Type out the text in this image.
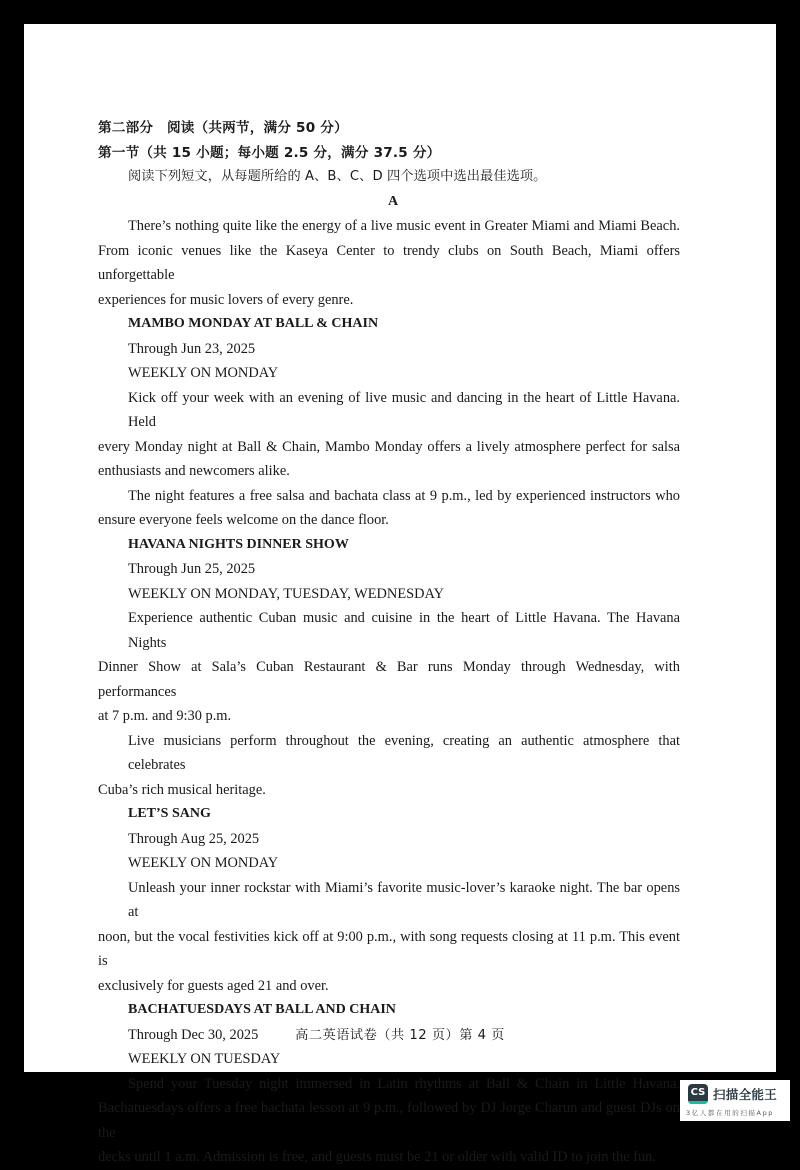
第二部分　阅读（共两节，满分 50 分）

第一节（共 15 小题；每小题 2.5 分，满分 37.5 分）

阅读下列短文，从每题所给的 A、B、C、D 四个选项中选出最佳选项。

A

There’s nothing quite like the energy of a live music event in Greater Miami and Miami Beach.
From iconic venues like the Kaseya Center to trendy clubs on South Beach, Miami offers unforgettable
experiences for music lovers of every genre.

MAMBO MONDAY AT BALL & CHAIN

Through Jun 23, 2025

WEEKLY ON MONDAY

Kick off your week with an evening of live music and dancing in the heart of Little Havana. Held
every Monday night at Ball & Chain, Mambo Monday offers a lively atmosphere perfect for salsa
enthusiasts and newcomers alike.
The night features a free salsa and bachata class at 9 p.m., led by experienced instructors who
ensure everyone feels welcome on the dance floor.

HAVANA NIGHTS DINNER SHOW

Through Jun 25, 2025

WEEKLY ON MONDAY, TUESDAY, WEDNESDAY

Experience authentic Cuban music and cuisine in the heart of Little Havana. The Havana Nights
Dinner Show at Sala’s Cuban Restaurant & Bar runs Monday through Wednesday, with performances
at 7 p.m. and 9:30 p.m.
Live musicians perform throughout the evening, creating an authentic atmosphere that celebrates
Cuba’s rich musical heritage.

LET’S SANG

Through Aug 25, 2025

WEEKLY ON MONDAY

Unleash your inner rockstar with Miami’s favorite music-lover’s karaoke night. The bar opens at
noon, but the vocal festivities kick off at 9:00 p.m., with song requests closing at 11 p.m. This event is
exclusively for guests aged 21 and over.

BACHATUESDAYS AT BALL AND CHAIN

Through Dec 30, 2025

WEEKLY ON TUESDAY

Spend your Tuesday night immersed in Latin rhythms at Ball & Chain in Little Havana.
Bachatuesdays offers a free bachata lesson at 9 p.m., followed by DJ Jorge Charun and guest DJs on the
decks until 1 a.m. Admission is free, and guests must be 21 or older with valid ID to join the fun.
高二英语试卷（共 12 页）第 4 页
CS 扫描全能王
3亿人都在用的扫描App
